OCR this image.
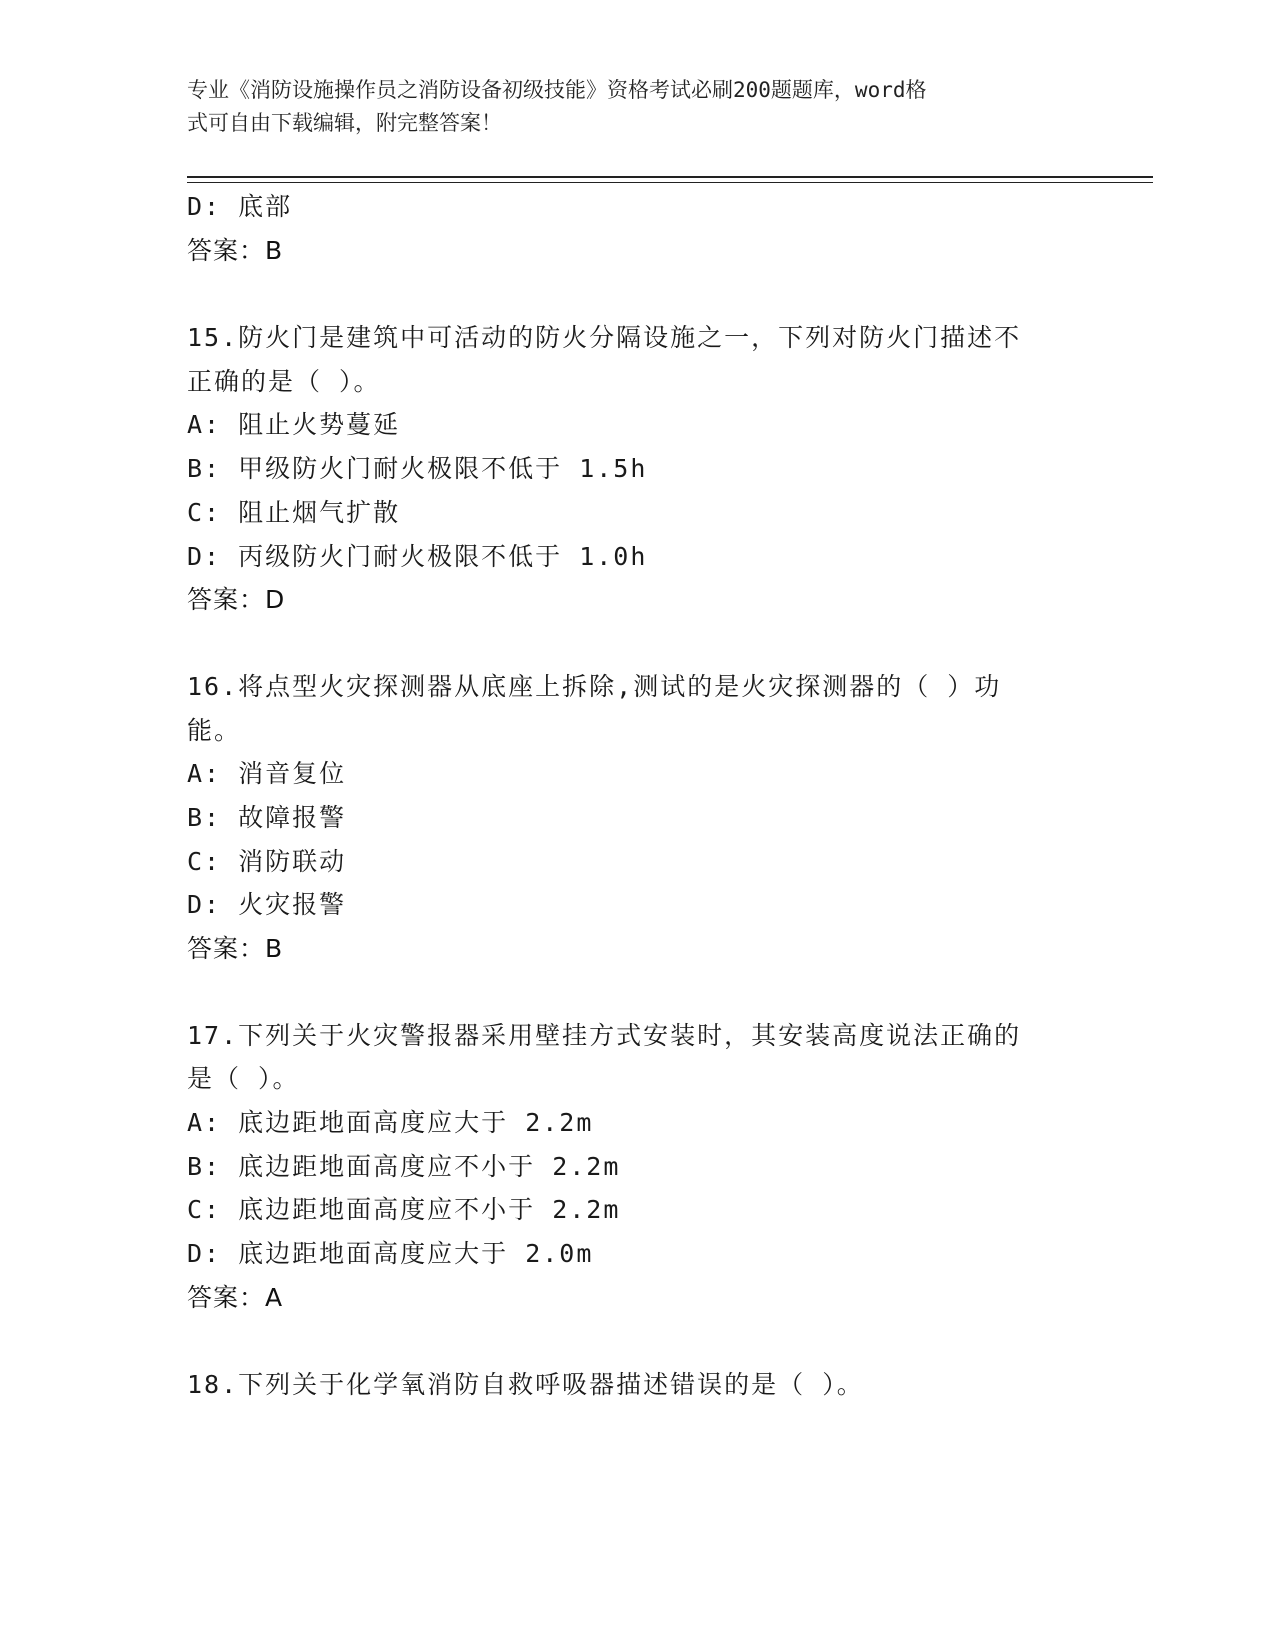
专业《消防设施操作员之消防设备初级技能》资格考试必刷200题题库，word格
式可自由下载编辑，附完整答案！
D: 底部
答案：B
15.防火门是建筑中可活动的防火分隔设施之一，下列对防火门描述不
正确的是（ ）。
A: 阻止火势蔓延
B: 甲级防火门耐火极限不低于 1.5h
C: 阻止烟气扩散
D: 丙级防火门耐火极限不低于 1.0h
答案：D
16.将点型火灾探测器从底座上拆除,测试的是火灾探测器的（ ）功
能。
A: 消音复位
B: 故障报警
C: 消防联动
D: 火灾报警
答案：B
17.下列关于火灾警报器采用壁挂方式安装时，其安装高度说法正确的
是（ ）。
A: 底边距地面高度应大于 2.2m
B: 底边距地面高度应不小于 2.2m
C: 底边距地面高度应不小于 2.2m
D: 底边距地面高度应大于 2.0m
答案：A
18.下列关于化学氧消防自救呼吸器描述错误的是（ ）。
